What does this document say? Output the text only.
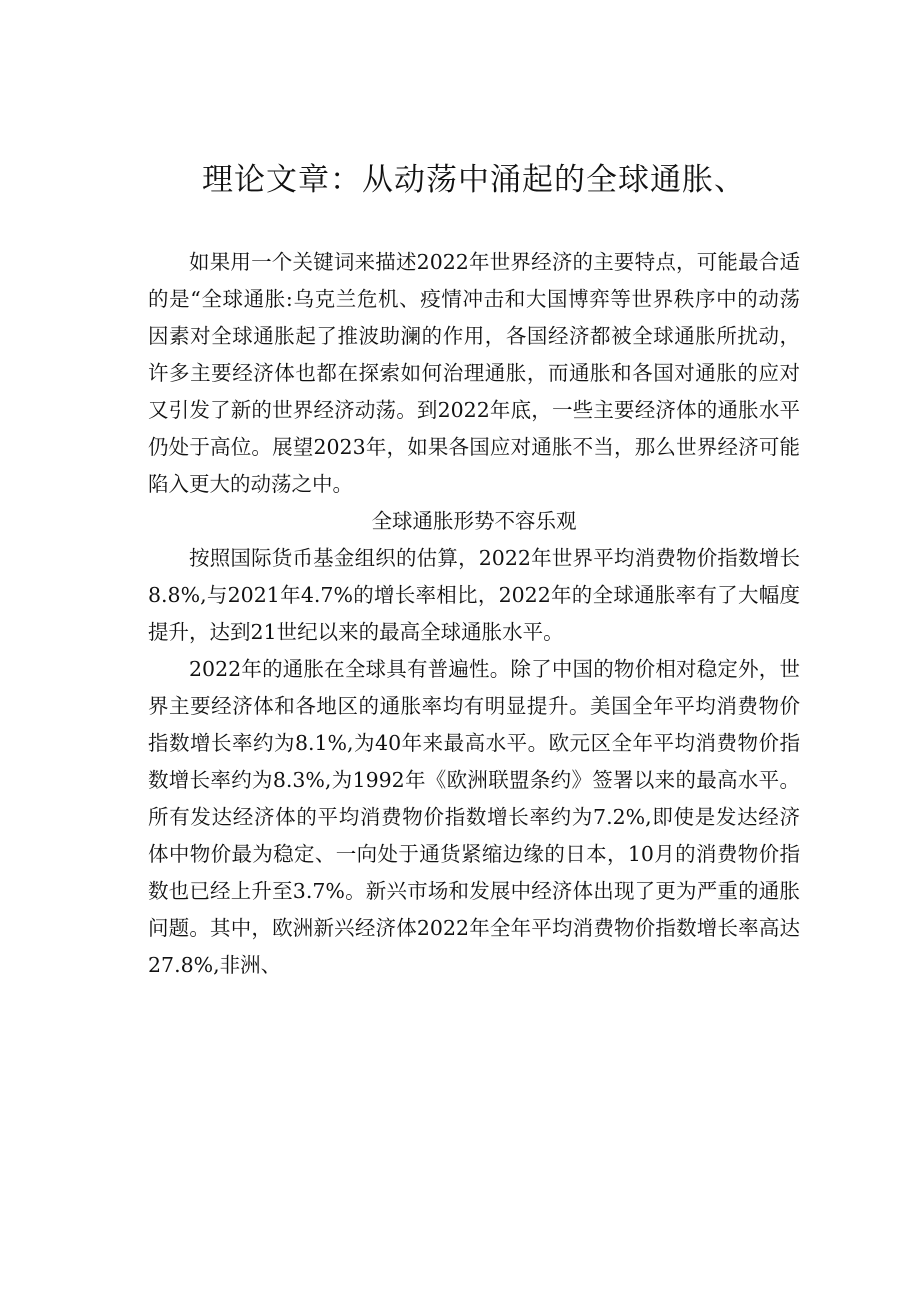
理论文章：从动荡中涌起的全球通胀、

如果用一个关键词来描述2022年世界经济的主要特点，可能最合适的是“全球通胀:乌克兰危机、疫情冲击和大国博弈等世界秩序中的动荡因素对全球通胀起了推波助澜的作用，各国经济都被全球通胀所扰动，许多主要经济体也都在探索如何治理通胀，而通胀和各国对通胀的应对又引发了新的世界经济动荡。到2022年底，一些主要经济体的通胀水平仍处于高位。展望2023年，如果各国应对通胀不当，那么世界经济可能陷入更大的动荡之中。

全球通胀形势不容乐观

按照国际货币基金组织的估算，2022年世界平均消费物价指数增长8.8%,与2021年4.7%的增长率相比，2022年的全球通胀率有了大幅度提升，达到21世纪以来的最高全球通胀水平。

2022年的通胀在全球具有普遍性。除了中国的物价相对稳定外，世界主要经济体和各地区的通胀率均有明显提升。美国全年平均消费物价指数增长率约为8.1%,为40年来最高水平。欧元区全年平均消费物价指数增长率约为8.3%,为1992年《欧洲联盟条约》签署以来的最高水平。所有发达经济体的平均消费物价指数增长率约为7.2%,即使是发达经济体中物价最为稳定、一向处于通货紧缩边缘的日本，10月的消费物价指数也已经上升至3.7%。新兴市场和发展中经济体出现了更为严重的通胀问题。其中，欧洲新兴经济体2022年全年平均消费物价指数增长率高达27.8%,非洲、
